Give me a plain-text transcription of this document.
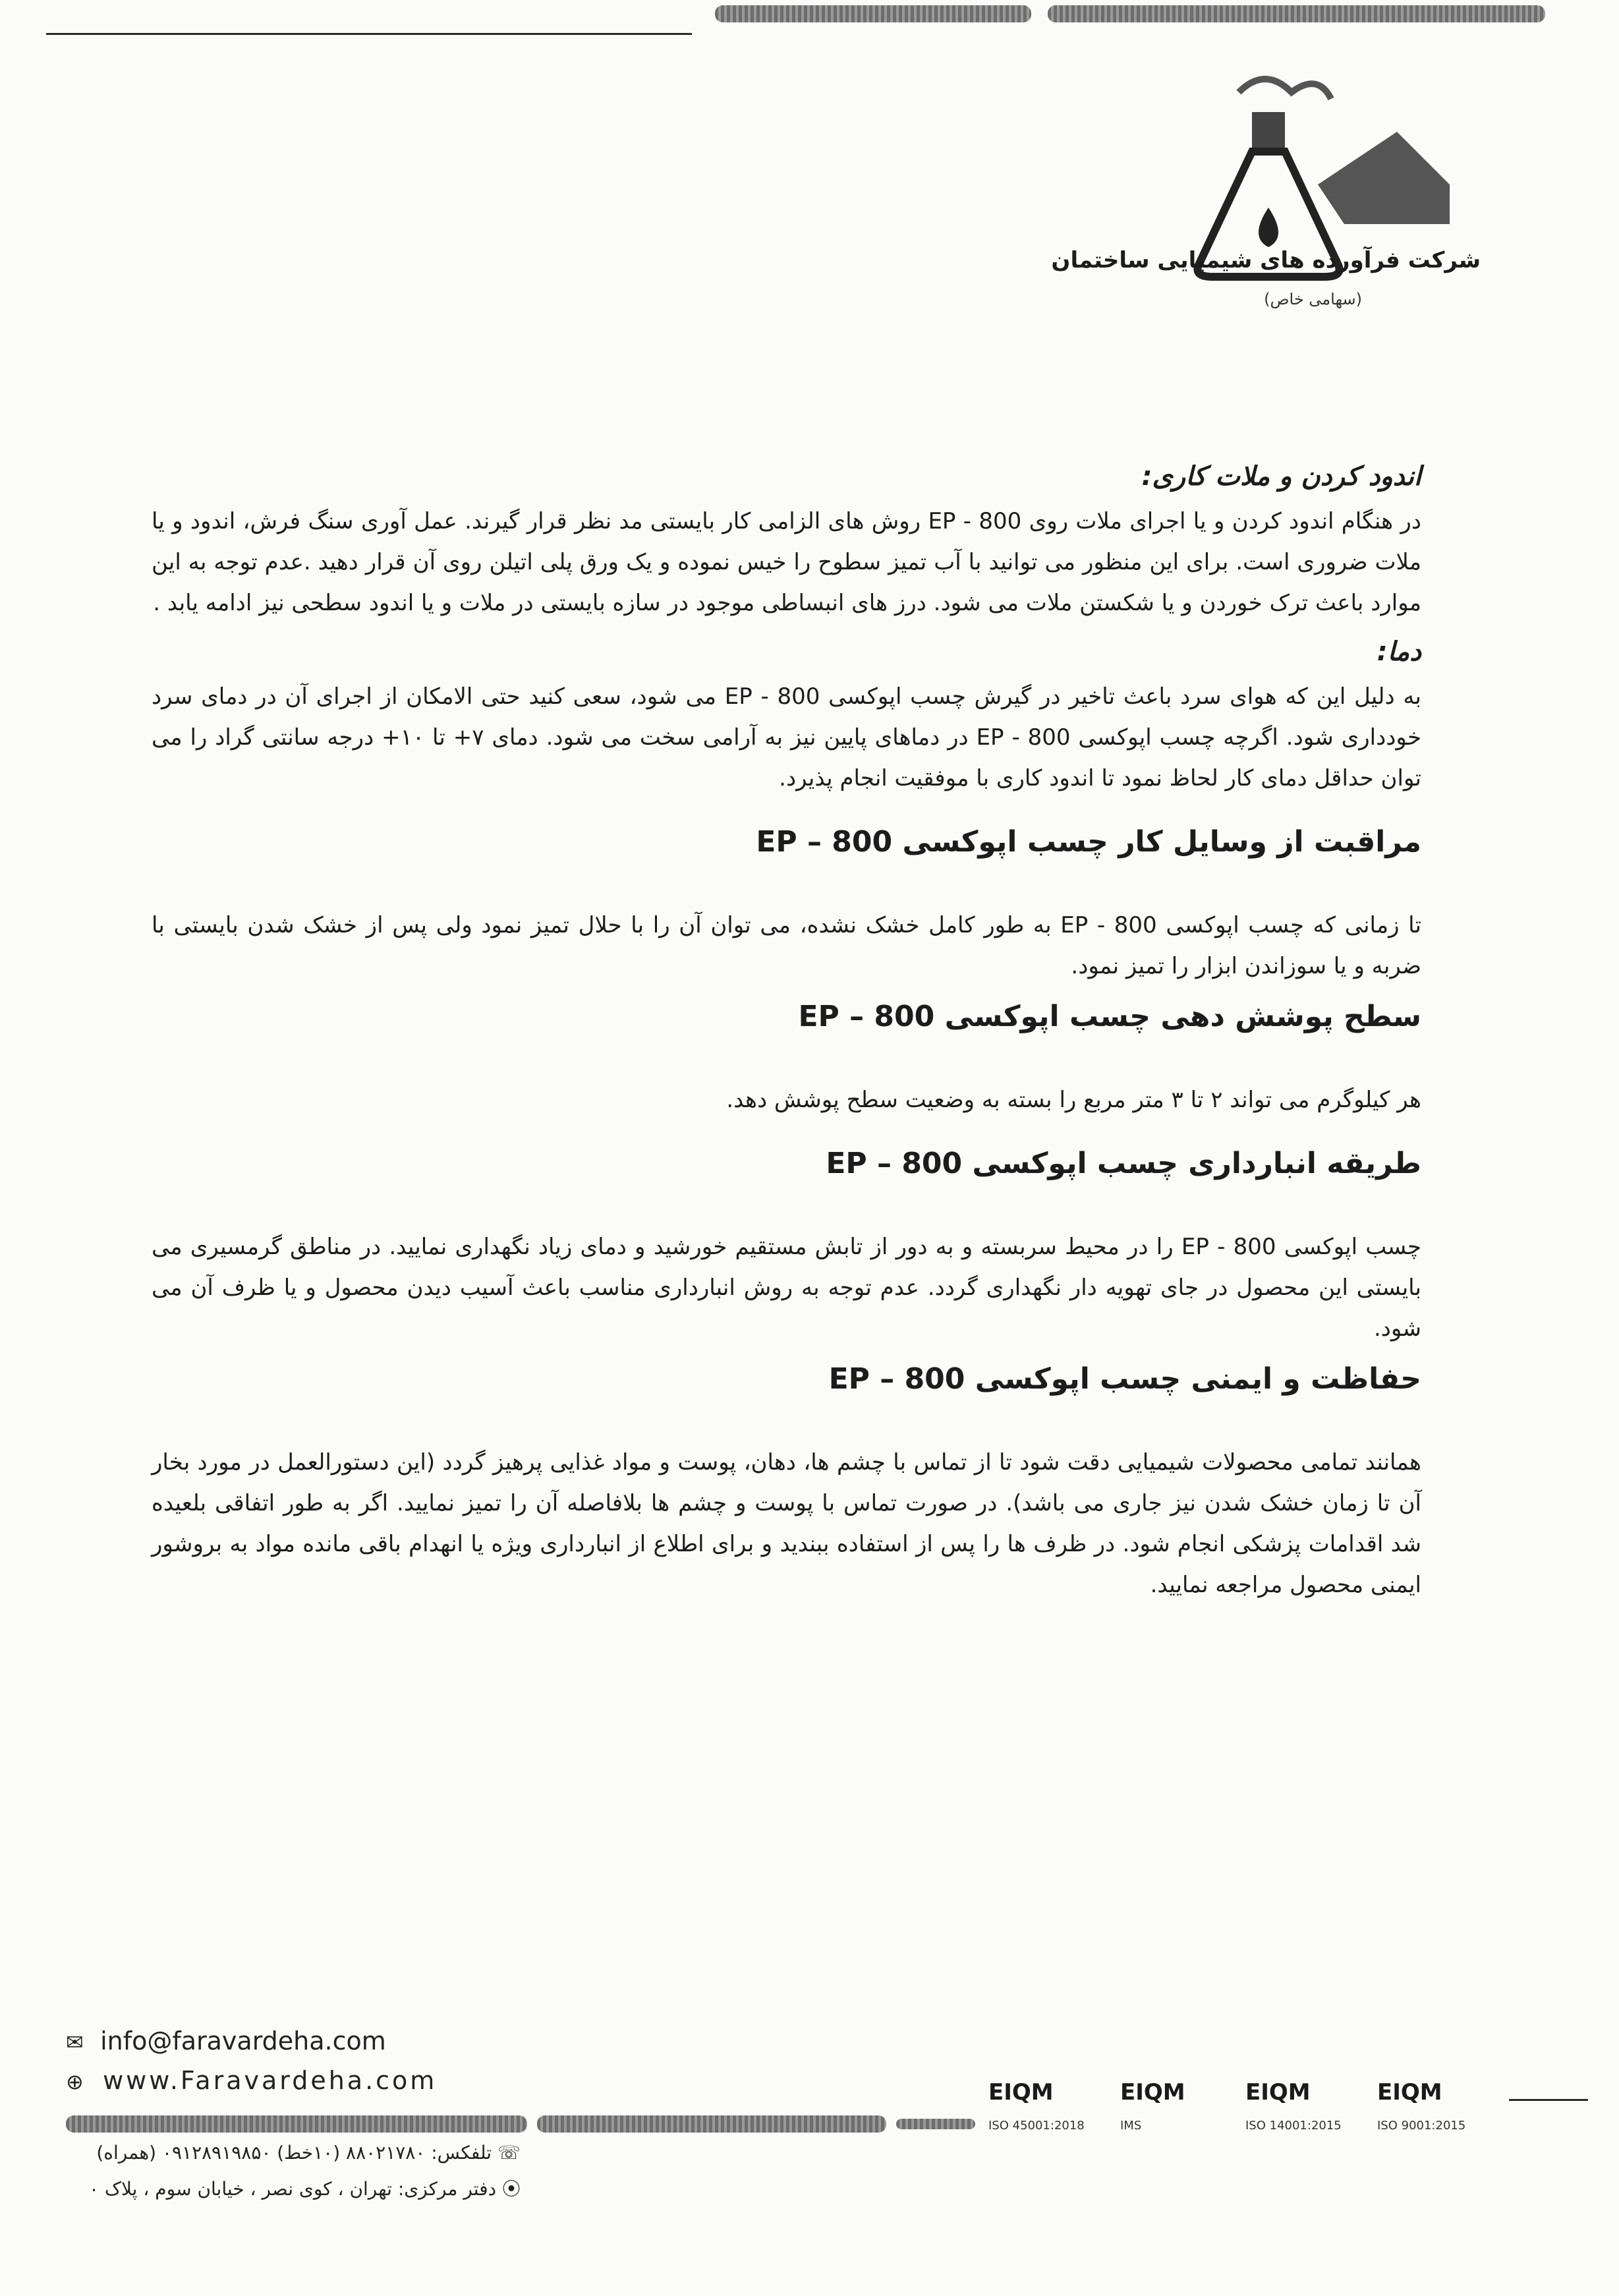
شرکت فرآورده های شیمیایی ساختمان
(سهامی خاص)
اندود کردن و ملات کاری:

در هنگام اندود کردن و یا اجرای ملات روی EP - 800 روش های الزامی کار بایستی مد نظر قرار گیرند. عمل آوری سنگ فرش، اندود و یا ملات ضروری است. برای این منظور می توانید با آب تمیز سطوح را خیس نموده و یک ورق پلی اتیلن روی آن قرار دهید .عدم توجه به این موارد باعث ترک خوردن و یا شکستن ملات می شود. درز های انبساطی موجود در سازه بایستی در ملات و یا اندود سطحی نیز ادامه یابد .

دما:

به دلیل این که هوای سرد باعث تاخیر در گیرش چسب اپوکسی EP - 800 می شود، سعی کنید حتی الامکان از اجرای آن در دمای سرد خودداری شود. اگرچه چسب اپوکسی EP - 800 در دماهای پایین نیز به آرامی سخت می شود. دمای ۷+ تا ۱۰+ درجه سانتی گراد را می توان حداقل دمای کار لحاظ نمود تا اندود کاری با موفقیت انجام پذیرد.

مراقبت از وسایل کار چسب اپوکسی EP – 800

تا زمانی که چسب اپوکسی EP - 800 به طور کامل خشک نشده، می توان آن را با حلال تمیز نمود ولی پس از خشک شدن بایستی با ضربه و یا سوزاندن ابزار را تمیز نمود.

سطح پوشش دهی چسب اپوکسی EP – 800

هر کیلوگرم می تواند ۲ تا ۳ متر مربع را بسته به وضعیت سطح پوشش دهد.

طریقه انبارداری چسب اپوکسی EP – 800

چسب اپوکسی EP - 800 را در محیط سربسته و به دور از تابش مستقیم خورشید و دمای زیاد نگهداری نمایید. در مناطق گرمسیری می بایستی این محصول در جای تهویه دار نگهداری گردد. عدم توجه به روش انبارداری مناسب باعث آسیب دیدن محصول و یا ظرف آن می شود.

حفاظت و ایمنی چسب اپوکسی EP – 800

همانند تمامی محصولات شیمیایی دقت شود تا از تماس با چشم ها، دهان، پوست و مواد غذایی پرهیز گردد (این دستورالعمل در مورد بخار آن تا زمان خشک شدن نیز جاری می باشد). در صورت تماس با پوست و چشم ها بلافاصله آن را تمیز نمایید. اگر به طور اتفاقی بلعیده شد اقدامات پزشکی انجام شود. در ظرف ها را پس از استفاده ببندید و برای اطلاع از انبارداری ویژه یا انهدام باقی مانده مواد به بروشور ایمنی محصول مراجعه نمایید.

✉ info@faravardeha.com
⊕ www.Faravardeha.com	EIQM
ISO 45001:2018
EIQM
IMS
EIQM
ISO 14001:2015
EIQM
ISO 9001:2015
☏ تلفکس: ۸۸۰۲۱۷۸۰ (۱۰خط) ۰۹۱۲۸۹۱۹۸۵۰ (همراه)
⦿ دفتر مرکزی: تهران ، کوی نصر ، خیابان سوم ، پلاک ۰
